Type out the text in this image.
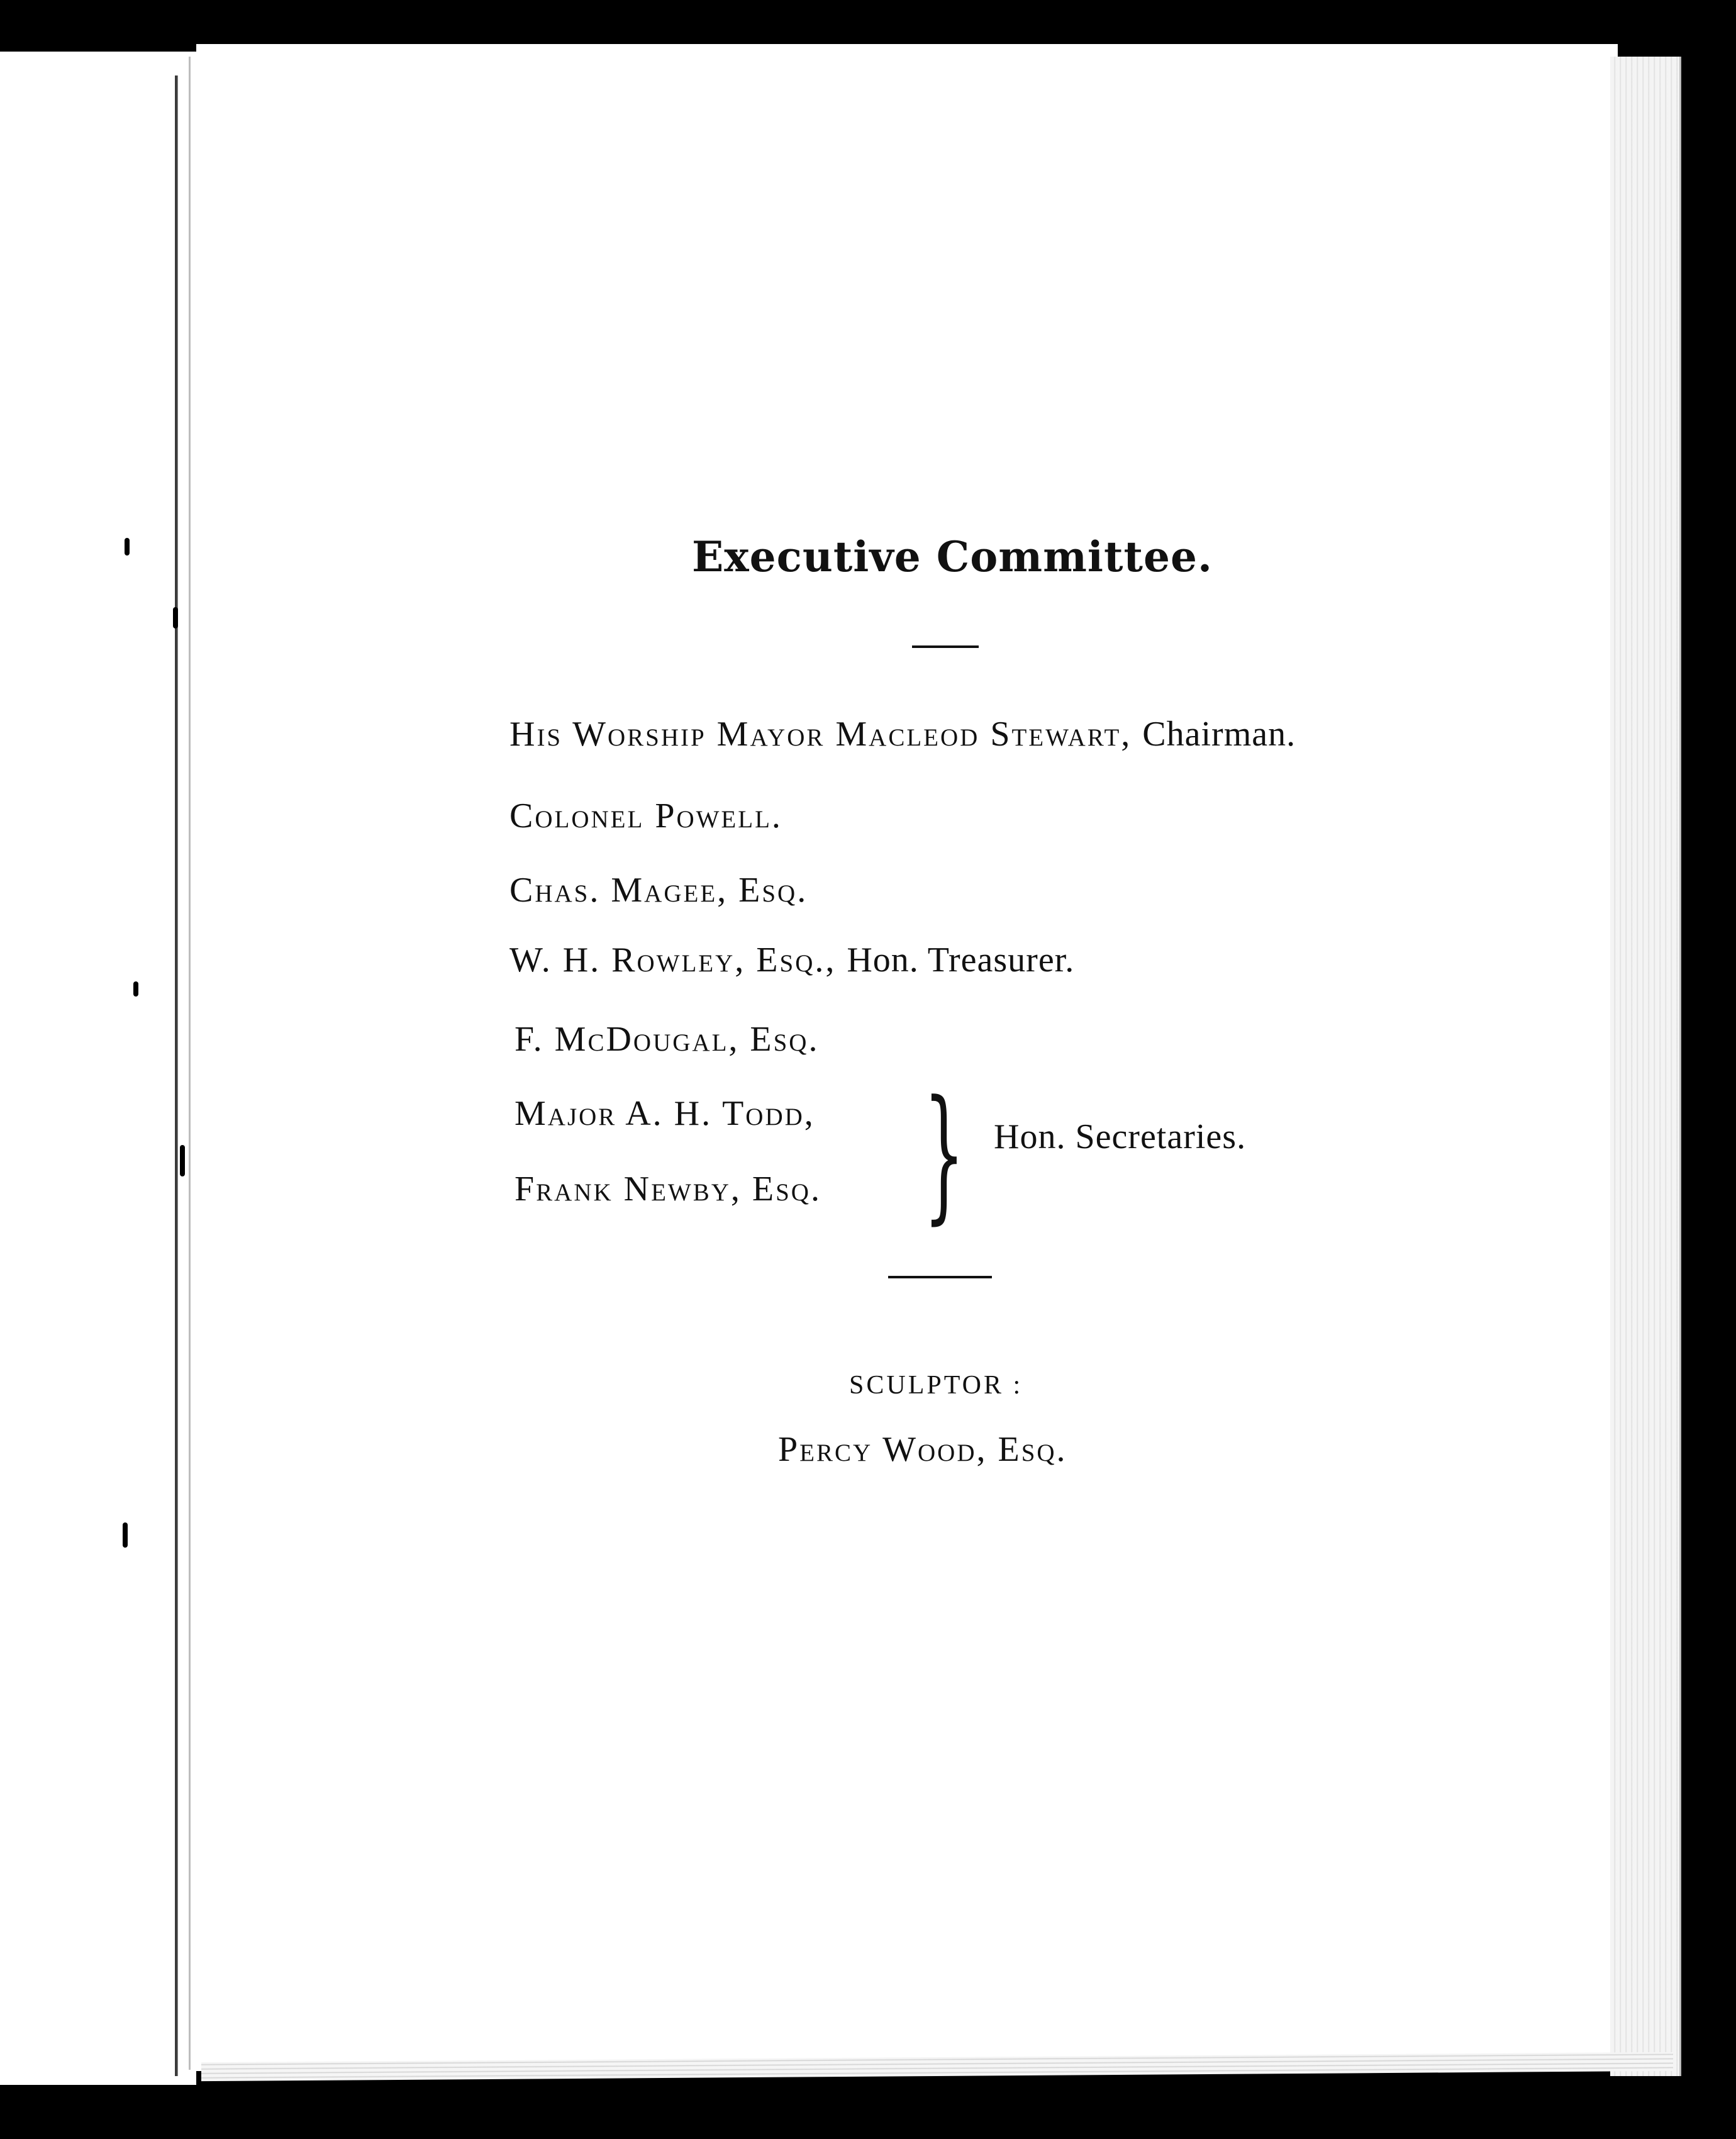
Executive Committee.
His Worship Mayor Macleod Stewart, Chairman.
Colonel Powell.
Chas. Magee, Esq.
W. H. Rowley, Esq., Hon. Treasurer.
F. McDougal, Esq.
Major A. H. Todd,
Frank Newby, Esq. } Hon. Secretaries.
SCULPTOR :
Percy Wood, Esq.
